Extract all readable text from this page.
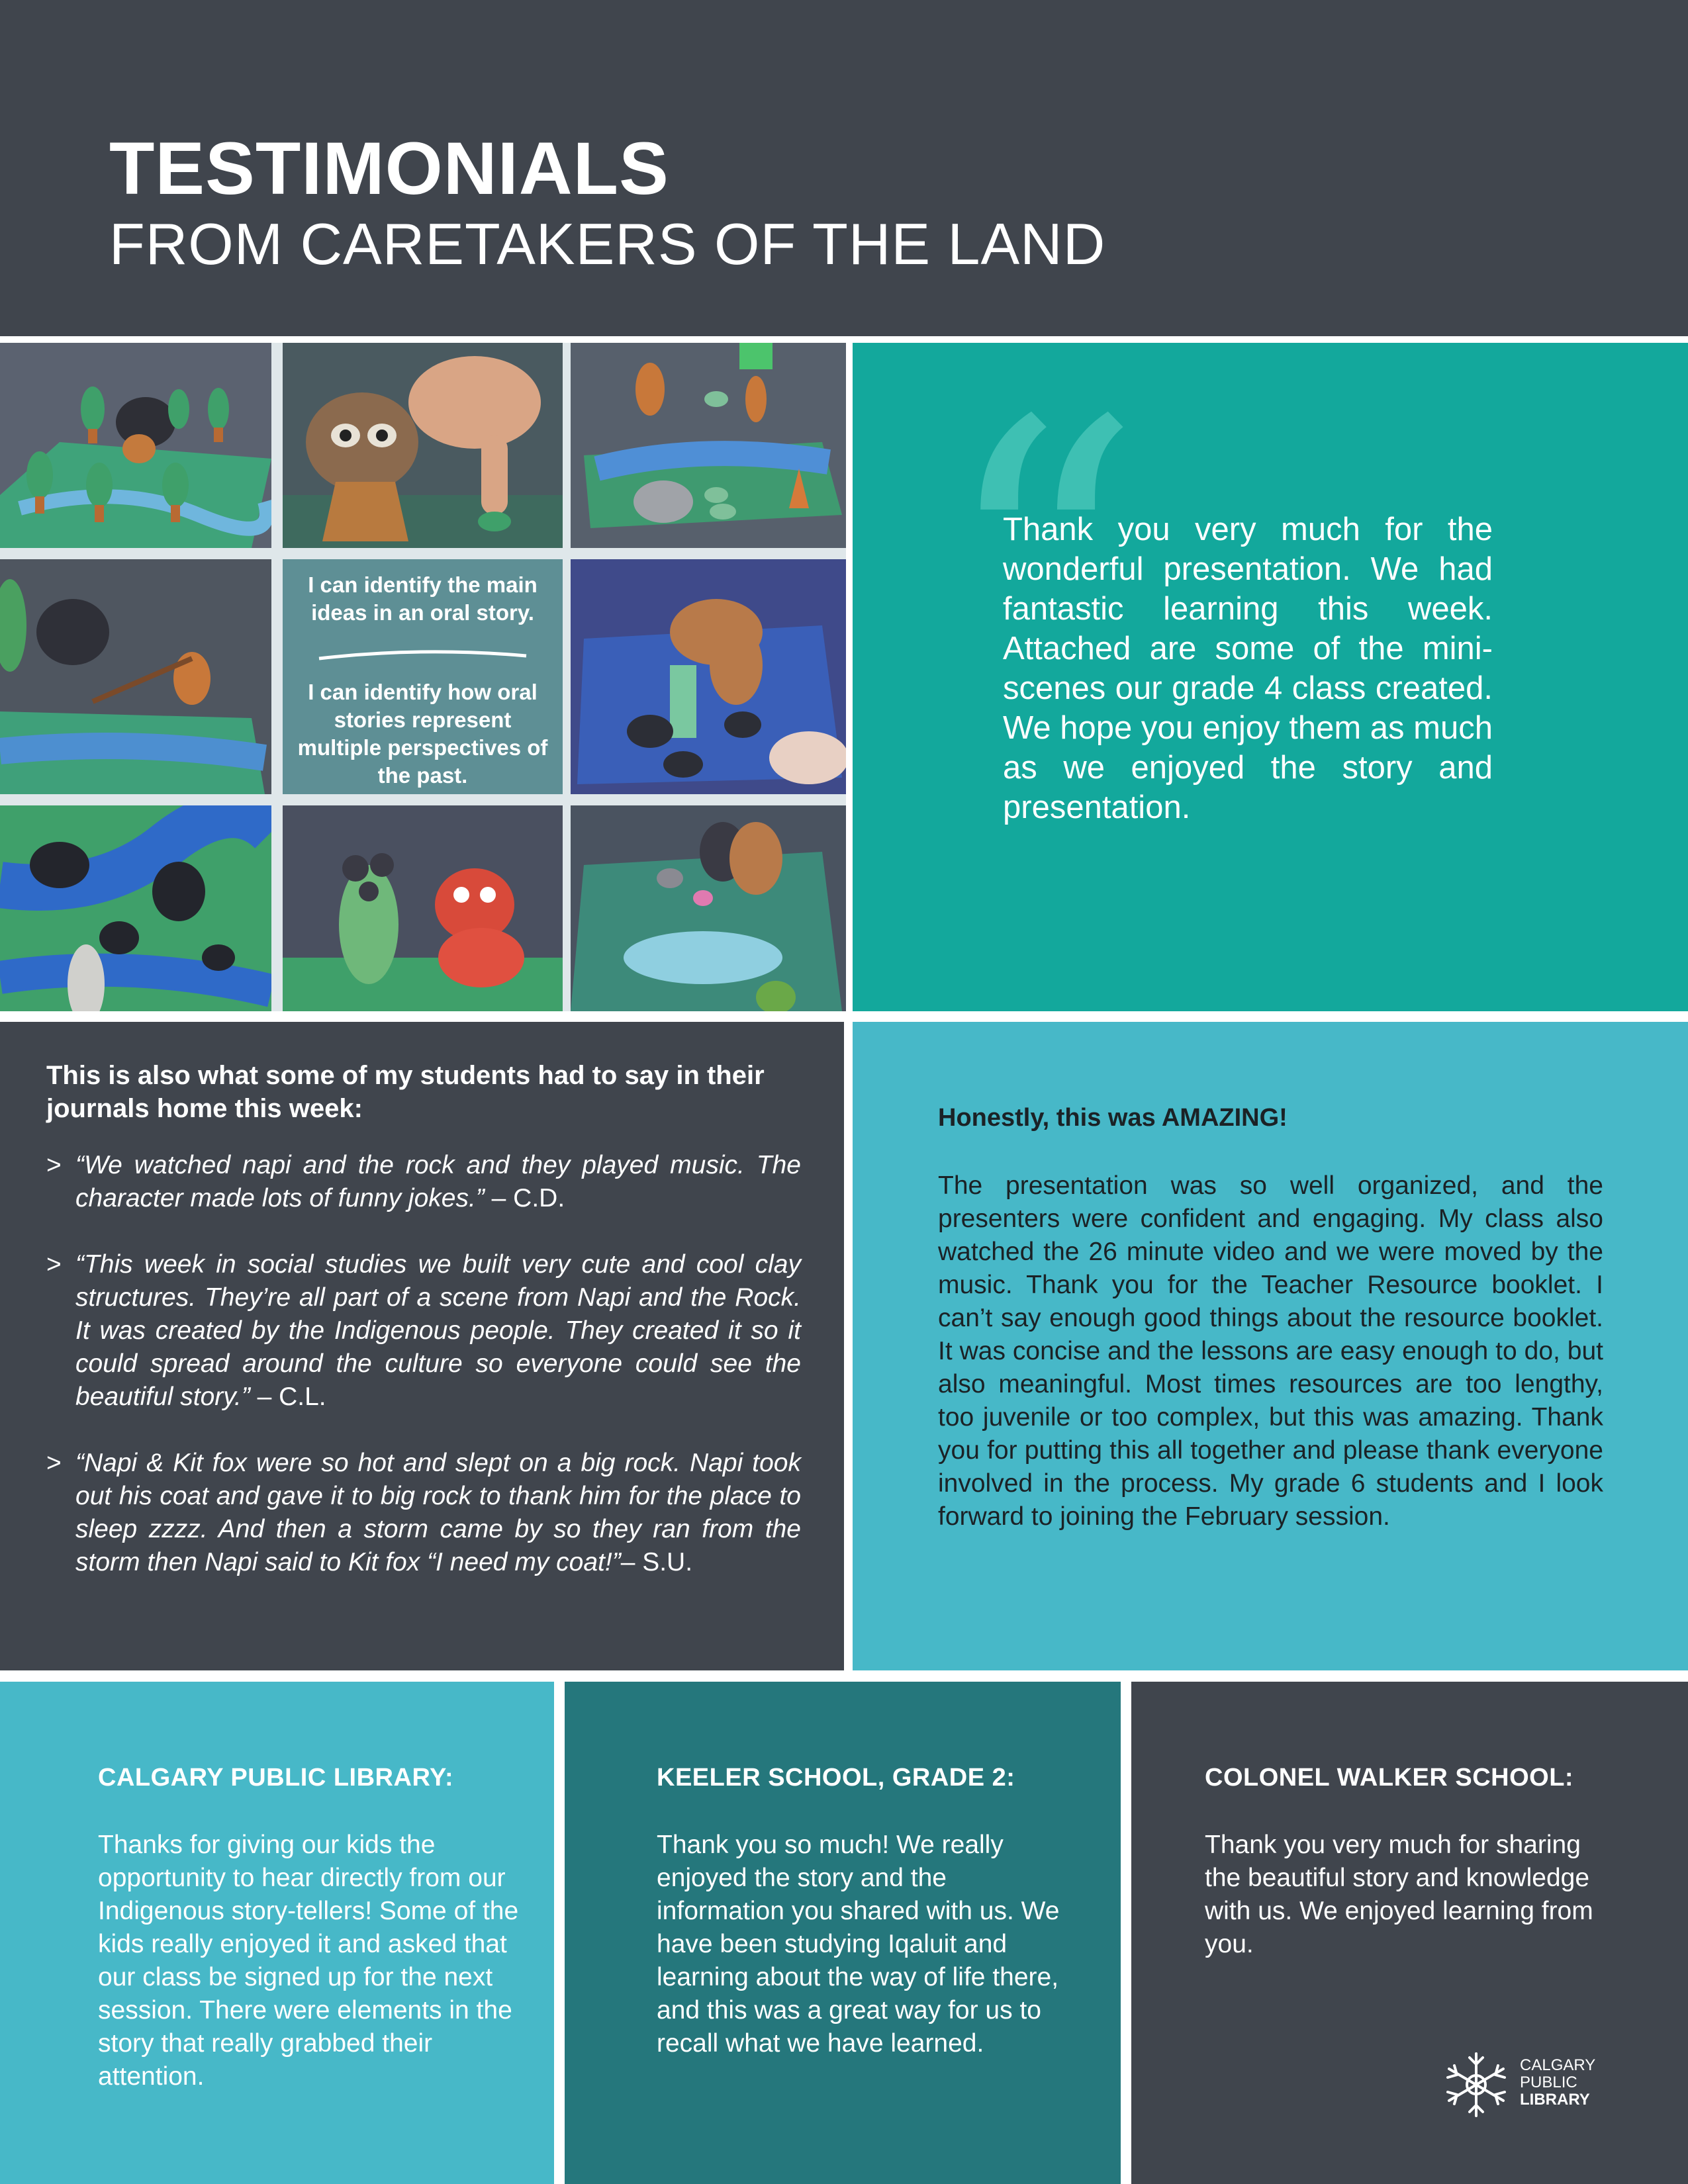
TESTIMONIALS
FROM CARETAKERS OF THE LAND
I can identify the main ideas in an oral story.
I can identify how oral stories represent multiple perspectives of the past. “
Thank you very much for the wonderful presentation. We had fantastic learning this week. Attached are some of the mini-scenes our grade 4 class created. We hope you enjoy them as much as we enjoyed the story and presentation.
This is also what some of my students had to say in their journals home this week:
> “We watched napi and the rock and they played music. The character made lots of funny jokes.” – C.D.
> “This week in social studies we built very cute and cool clay structures. They’re all part of a scene from Napi and the Rock. It was created by the Indigenous people. They created it so it could spread around the culture so everyone could see the beautiful story.” – C.L.
> “Napi & Kit fox were so hot and slept on a big rock. Napi took out his coat and gave it to big rock to thank him for the place to sleep zzzz. And then a storm came by so they ran from the storm then Napi said to Kit fox “I need my coat!”– S.U.
Honestly, this was AMAZING!
The presentation was so well organized, and the presenters were confident and engaging. My class also watched the 26 minute video and we were moved by the music. Thank you for the Teacher Resource booklet. I can’t say enough good things about the resource booklet. It was concise and the lessons are easy enough to do, but also meaningful. Most times resources are too lengthy, too juvenile or too complex, but this was amazing. Thank you for putting this all together and please thank everyone involved in the process. My grade 6 students and I look forward to joining the February session.
CALGARY PUBLIC LIBRARY:
Thanks for giving our kids the opportunity to hear directly from our Indigenous story-tellers! Some of the kids really enjoyed it and asked that our class be signed up for the next session. There were elements in the story that really grabbed their attention.
KEELER SCHOOL, GRADE 2:
Thank you so much! We really enjoyed the story and the information you shared with us. We have been studying Iqaluit and learning about the way of life there, and this was a great way for us to recall what we have learned.
COLONEL WALKER SCHOOL:
Thank you very much for sharing the beautiful story and knowledge with us. We enjoyed learning from you.
CALGARY
PUBLIC
LIBRARY
